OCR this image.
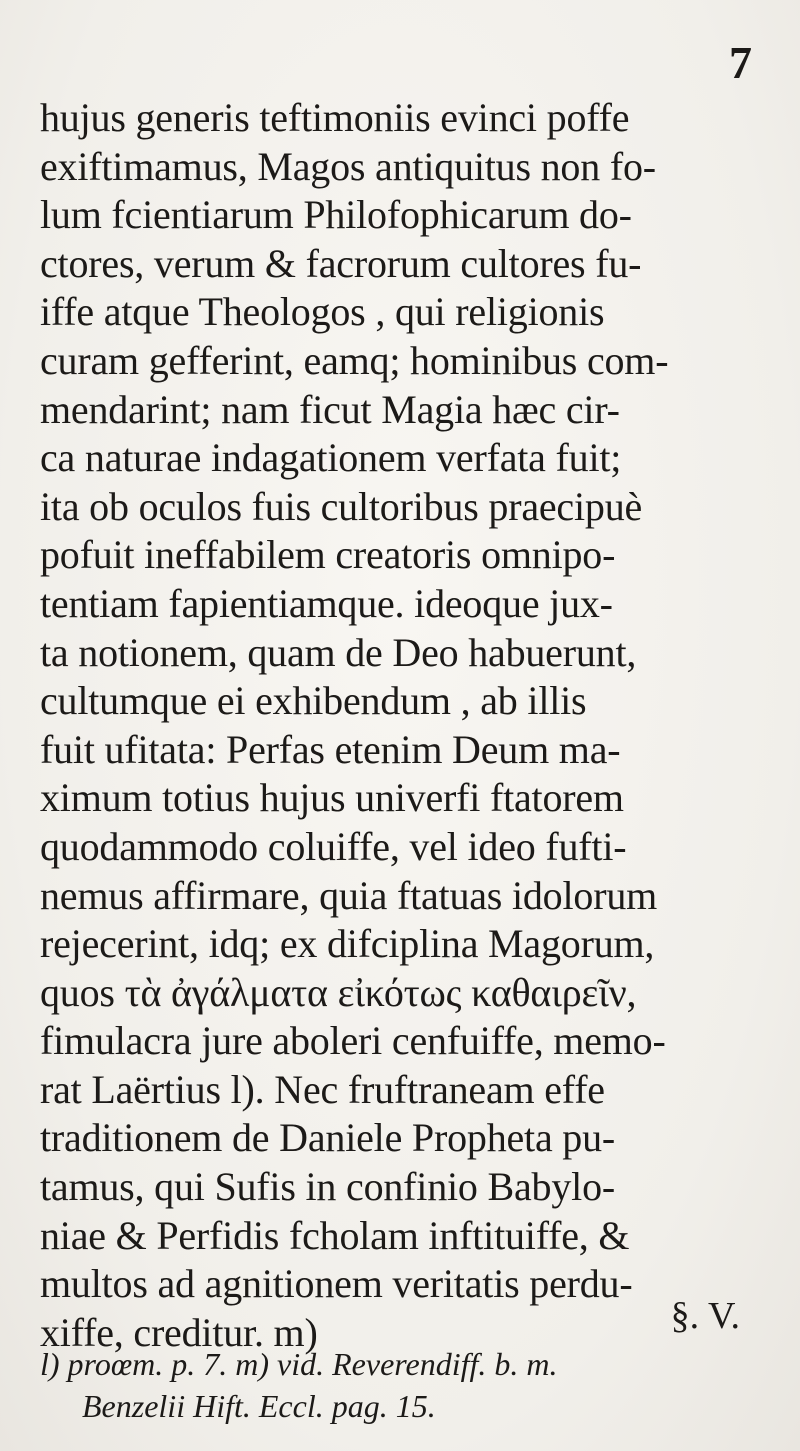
7
hujus generis teftimoniis evinci poffe
exiftimamus, Magos antiquitus non fo-
lum fcientiarum Philofophicarum do-
ctores, verum & facrorum cultores fu-
iffe atque Theologos , qui religionis
curam gefferint, eamq; hominibus com-
mendarint; nam ficut Magia hæc cir-
ca naturae indagationem verfata fuit;
ita ob oculos fuis cultoribus praecipuè
pofuit ineffabilem creatoris omnipo-
tentiam fapientiamque. ideoque jux-
ta notionem, quam de Deo habuerunt,
cultumque ei exhibendum , ab illis
fuit ufitata: Perfas etenim Deum ma-
ximum totius hujus univerfi ftatorem
quodammodo coluiffe, vel ideo fufti-
nemus affirmare, quia ftatuas idolorum
rejecerint, idq; ex difciplina Magorum,
quos τὰ ἀγάλματα εἰκότως καθαιρεῖν,
fimulacra jure aboleri cenfuiffe, memo-
rat Laërtius l). Nec fruftraneam effe
traditionem de Daniele Propheta pu-
tamus, qui Sufis in confinio Babylo-
niae & Perfidis fcholam inftituiffe, &
multos ad agnitionem veritatis perdu-
xiffe, creditur. m)	§. V.
l) proœm. p. 7. m) vid. Reverendiff. b. m.
Benzelii Hift. Eccl. pag. 15.
